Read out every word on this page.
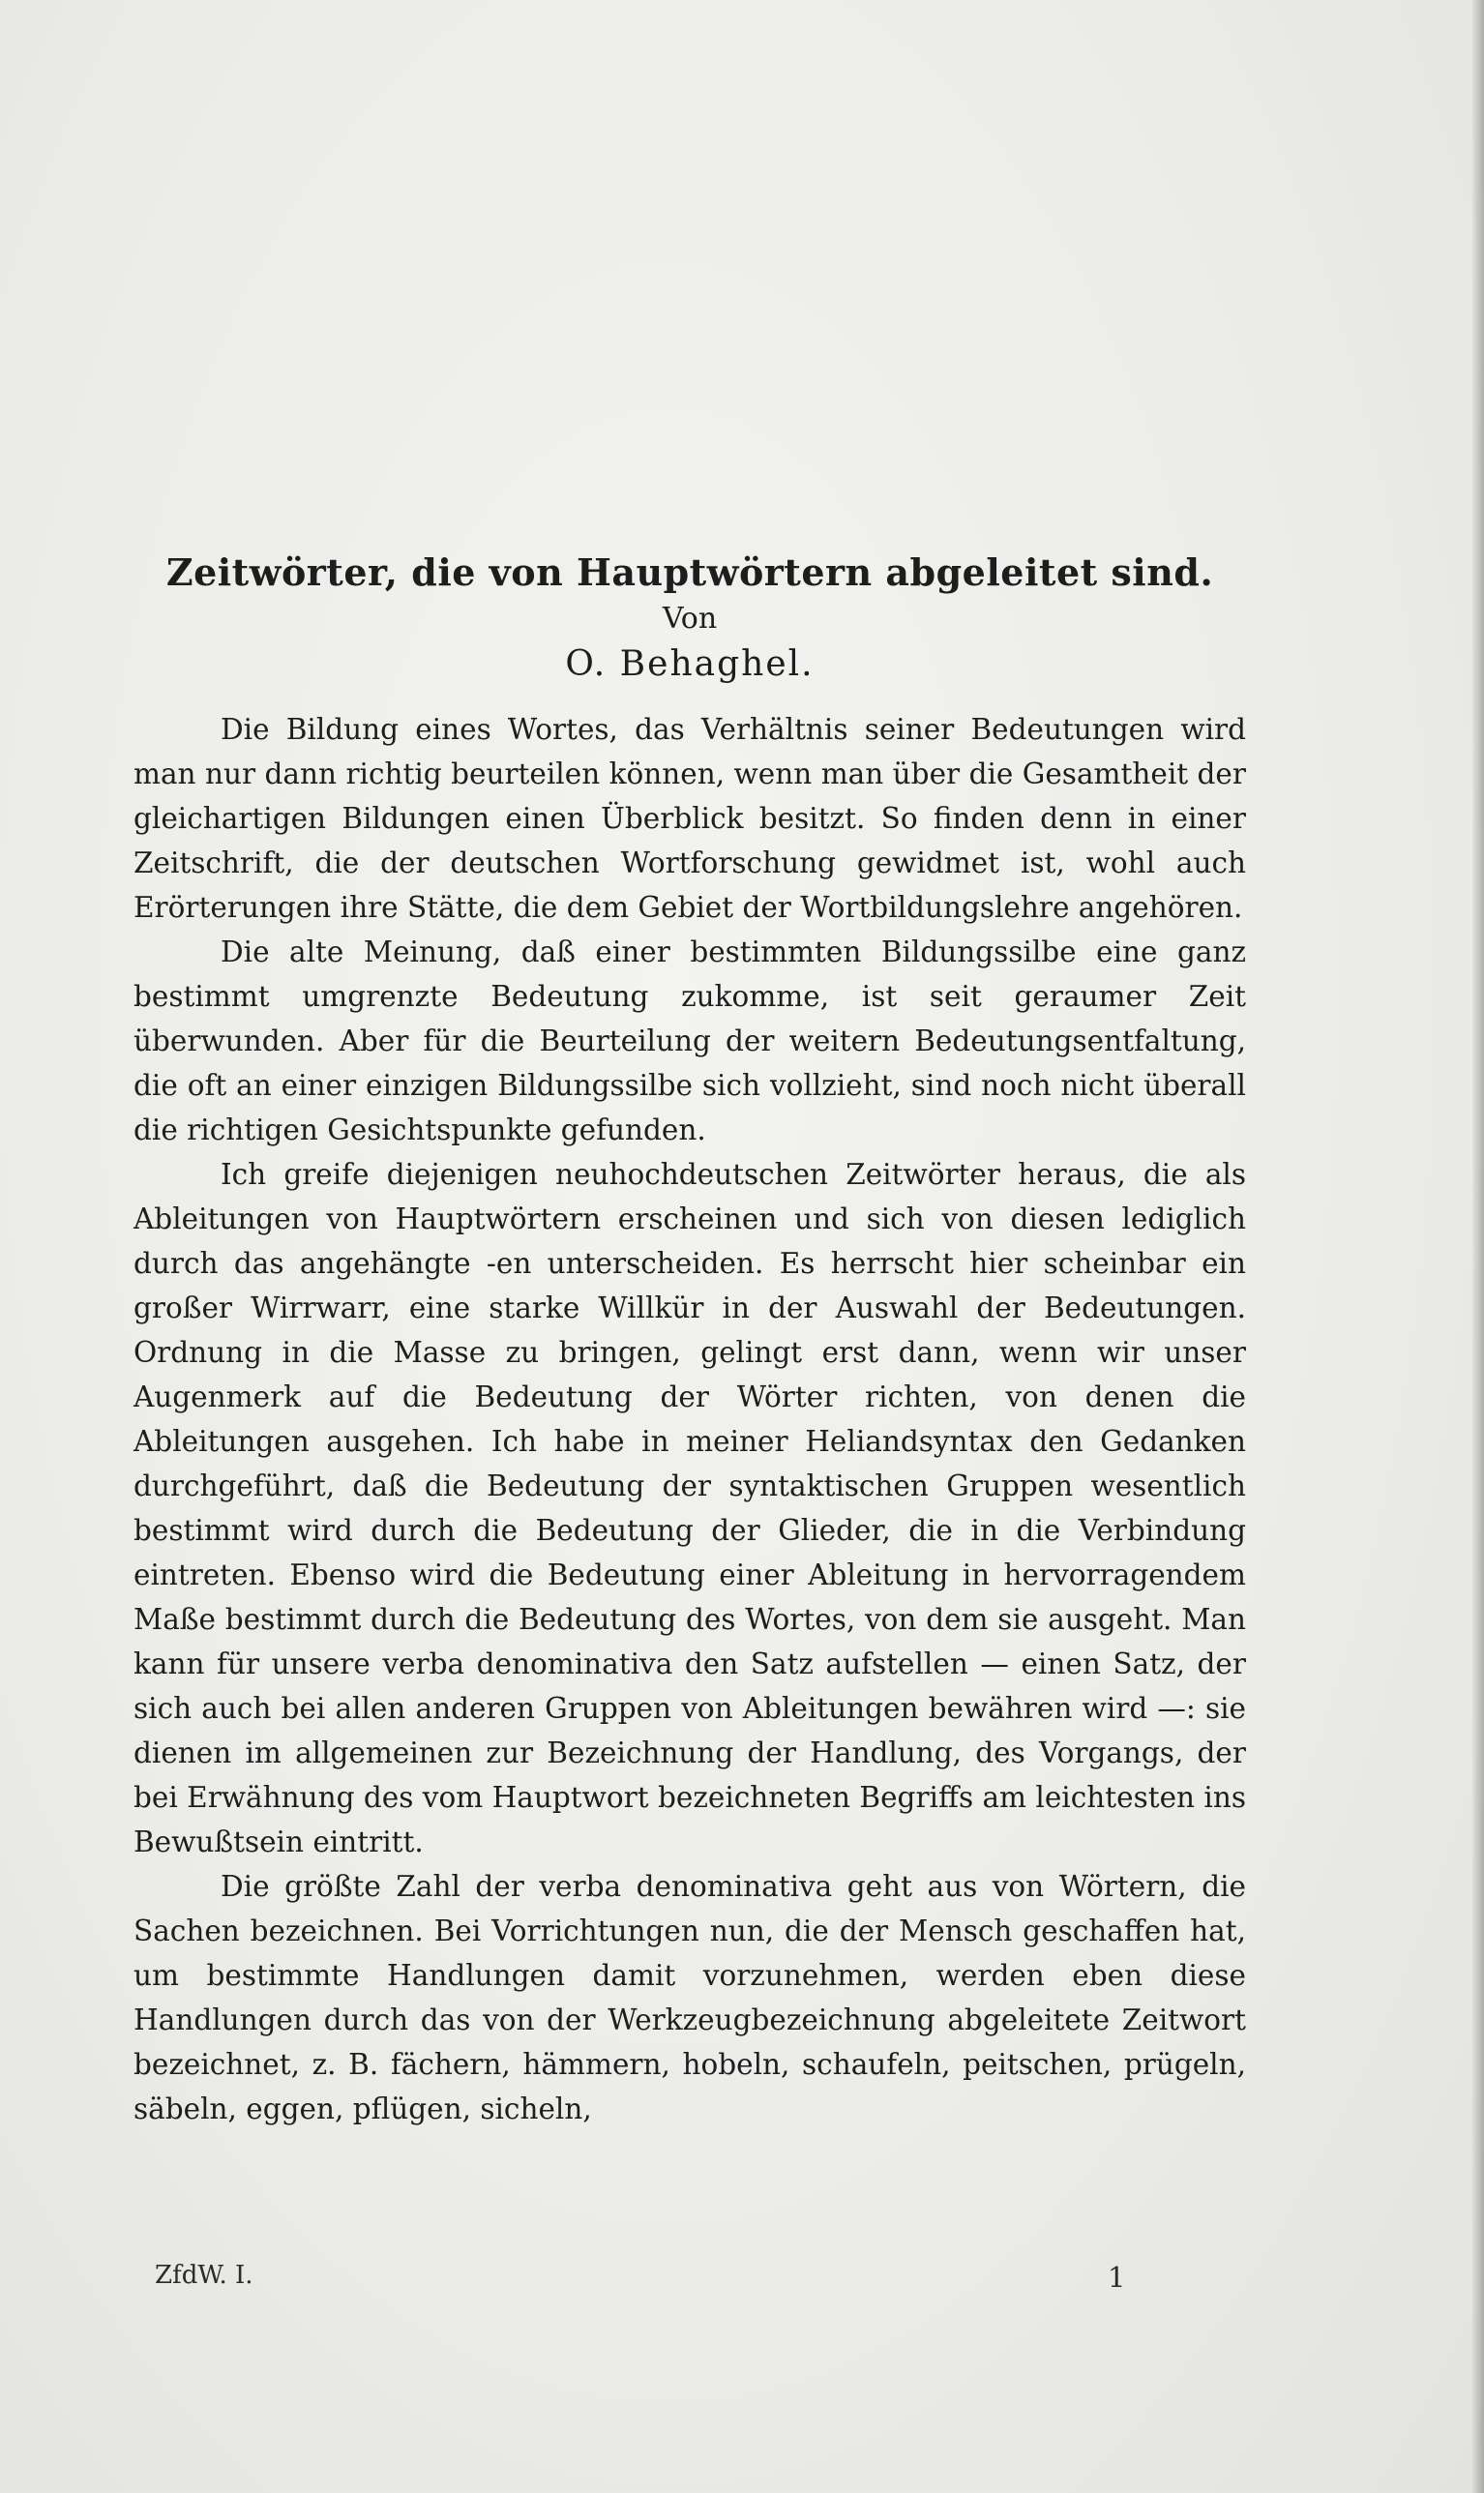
Zeitwörter, die von Hauptwörtern abgeleitet sind.
Von
O. Behaghel.

Die Bildung eines Wortes, das Verhältnis seiner Bedeutungen wird man nur dann richtig beurteilen können, wenn man über die Gesamtheit der gleichartigen Bildungen einen Überblick besitzt. So finden denn in einer Zeitschrift, die der deutschen Wortforschung gewidmet ist, wohl auch Erörterungen ihre Stätte, die dem Gebiet der Wortbildungslehre angehören.

Die alte Meinung, daß einer bestimmten Bildungssilbe eine ganz bestimmt umgrenzte Bedeutung zukomme, ist seit geraumer Zeit überwunden. Aber für die Beurteilung der weitern Bedeutungsentfaltung, die oft an einer einzigen Bildungssilbe sich vollzieht, sind noch nicht überall die richtigen Gesichtspunkte gefunden.

Ich greife diejenigen neuhochdeutschen Zeitwörter heraus, die als Ableitungen von Hauptwörtern erscheinen und sich von diesen lediglich durch das angehängte -en unterscheiden. Es herrscht hier scheinbar ein großer Wirrwarr, eine starke Willkür in der Auswahl der Bedeutungen. Ordnung in die Masse zu bringen, gelingt erst dann, wenn wir unser Augenmerk auf die Bedeutung der Wörter richten, von denen die Ableitungen ausgehen. Ich habe in meiner Heliandsyntax den Gedanken durchgeführt, daß die Bedeutung der syntaktischen Gruppen wesentlich bestimmt wird durch die Bedeutung der Glieder, die in die Verbindung eintreten. Ebenso wird die Bedeutung einer Ableitung in hervorragendem Maße bestimmt durch die Bedeutung des Wortes, von dem sie ausgeht. Man kann für unsere verba denominativa den Satz aufstellen — einen Satz, der sich auch bei allen anderen Gruppen von Ableitungen bewähren wird —: sie dienen im allgemeinen zur Bezeichnung der Handlung, des Vorgangs, der bei Erwähnung des vom Hauptwort bezeichneten Begriffs am leichtesten ins Bewußtsein eintritt.

Die größte Zahl der verba denominativa geht aus von Wörtern, die Sachen bezeichnen. Bei Vorrichtungen nun, die der Mensch geschaffen hat, um bestimmte Handlungen damit vorzunehmen, werden eben diese Handlungen durch das von der Werkzeugbezeichnung abgeleitete Zeitwort bezeichnet, z. B. fächern, hämmern, hobeln, schaufeln, peitschen, prügeln, säbeln, eggen, pflügen, sicheln,

ZfdW. I.	1
